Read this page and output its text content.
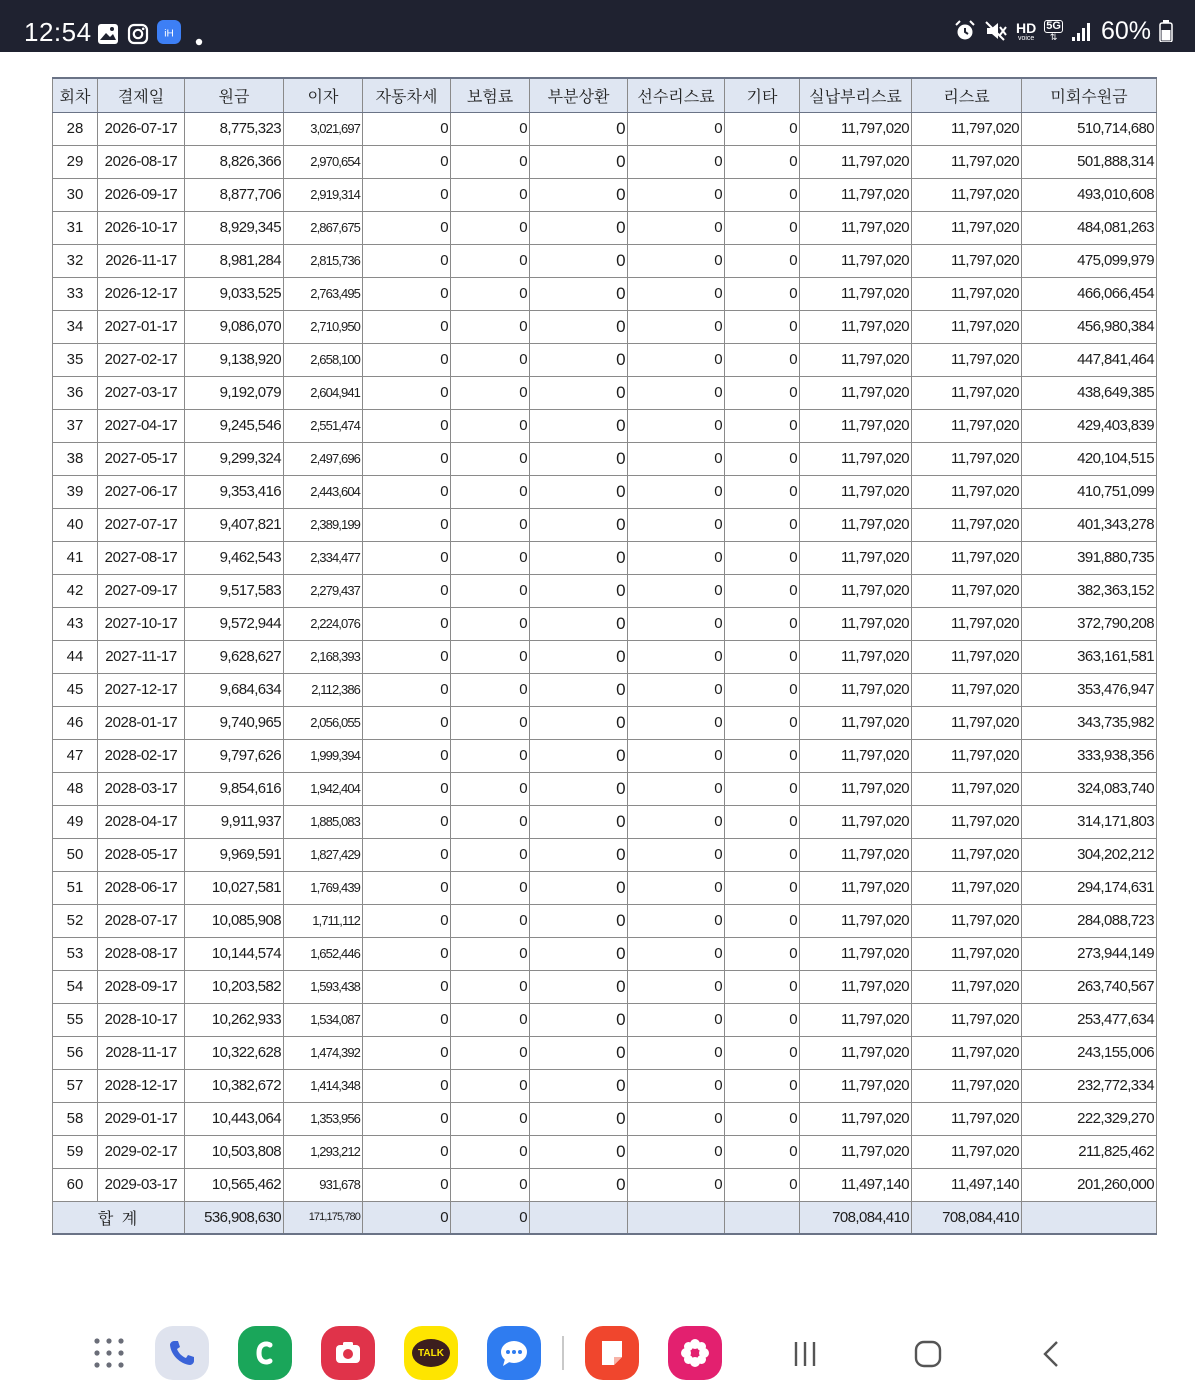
12:54	iH	HD
voice
5G
⇅ 60%
회차	결제일	원금	이자	자동차세	보험료	부분상환	선수리스료	기타	실납부리스료	리스료	미회수원금
28	2026-07-17	8,775,323	3,021,697	0	0	0	0	0	11,797,020	11,797,020	510,714,680
29	2026-08-17	8,826,366	2,970,654	0	0	0	0	0	11,797,020	11,797,020	501,888,314
30	2026-09-17	8,877,706	2,919,314	0	0	0	0	0	11,797,020	11,797,020	493,010,608
31	2026-10-17	8,929,345	2,867,675	0	0	0	0	0	11,797,020	11,797,020	484,081,263
32	2026-11-17	8,981,284	2,815,736	0	0	0	0	0	11,797,020	11,797,020	475,099,979
33	2026-12-17	9,033,525	2,763,495	0	0	0	0	0	11,797,020	11,797,020	466,066,454
34	2027-01-17	9,086,070	2,710,950	0	0	0	0	0	11,797,020	11,797,020	456,980,384
35	2027-02-17	9,138,920	2,658,100	0	0	0	0	0	11,797,020	11,797,020	447,841,464
36	2027-03-17	9,192,079	2,604,941	0	0	0	0	0	11,797,020	11,797,020	438,649,385
37	2027-04-17	9,245,546	2,551,474	0	0	0	0	0	11,797,020	11,797,020	429,403,839
38	2027-05-17	9,299,324	2,497,696	0	0	0	0	0	11,797,020	11,797,020	420,104,515
39	2027-06-17	9,353,416	2,443,604	0	0	0	0	0	11,797,020	11,797,020	410,751,099
40	2027-07-17	9,407,821	2,389,199	0	0	0	0	0	11,797,020	11,797,020	401,343,278
41	2027-08-17	9,462,543	2,334,477	0	0	0	0	0	11,797,020	11,797,020	391,880,735
42	2027-09-17	9,517,583	2,279,437	0	0	0	0	0	11,797,020	11,797,020	382,363,152
43	2027-10-17	9,572,944	2,224,076	0	0	0	0	0	11,797,020	11,797,020	372,790,208
44	2027-11-17	9,628,627	2,168,393	0	0	0	0	0	11,797,020	11,797,020	363,161,581
45	2027-12-17	9,684,634	2,112,386	0	0	0	0	0	11,797,020	11,797,020	353,476,947
46	2028-01-17	9,740,965	2,056,055	0	0	0	0	0	11,797,020	11,797,020	343,735,982
47	2028-02-17	9,797,626	1,999,394	0	0	0	0	0	11,797,020	11,797,020	333,938,356
48	2028-03-17	9,854,616	1,942,404	0	0	0	0	0	11,797,020	11,797,020	324,083,740
49	2028-04-17	9,911,937	1,885,083	0	0	0	0	0	11,797,020	11,797,020	314,171,803
50	2028-05-17	9,969,591	1,827,429	0	0	0	0	0	11,797,020	11,797,020	304,202,212
51	2028-06-17	10,027,581	1,769,439	0	0	0	0	0	11,797,020	11,797,020	294,174,631
52	2028-07-17	10,085,908	1,711,112	0	0	0	0	0	11,797,020	11,797,020	284,088,723
53	2028-08-17	10,144,574	1,652,446	0	0	0	0	0	11,797,020	11,797,020	273,944,149
54	2028-09-17	10,203,582	1,593,438	0	0	0	0	0	11,797,020	11,797,020	263,740,567
55	2028-10-17	10,262,933	1,534,087	0	0	0	0	0	11,797,020	11,797,020	253,477,634
56	2028-11-17	10,322,628	1,474,392	0	0	0	0	0	11,797,020	11,797,020	243,155,006
57	2028-12-17	10,382,672	1,414,348	0	0	0	0	0	11,797,020	11,797,020	232,772,334
58	2029-01-17	10,443,064	1,353,956	0	0	0	0	0	11,797,020	11,797,020	222,329,270
59	2029-02-17	10,503,808	1,293,212	0	0	0	0	0	11,797,020	11,797,020	211,825,462
60	2029-03-17	10,565,462	931,678	0	0	0	0	0	11,497,140	11,497,140	201,260,000
합 계		536,908,630	171,175,780	0	0				708,084,410	708,084,410	
TALK
